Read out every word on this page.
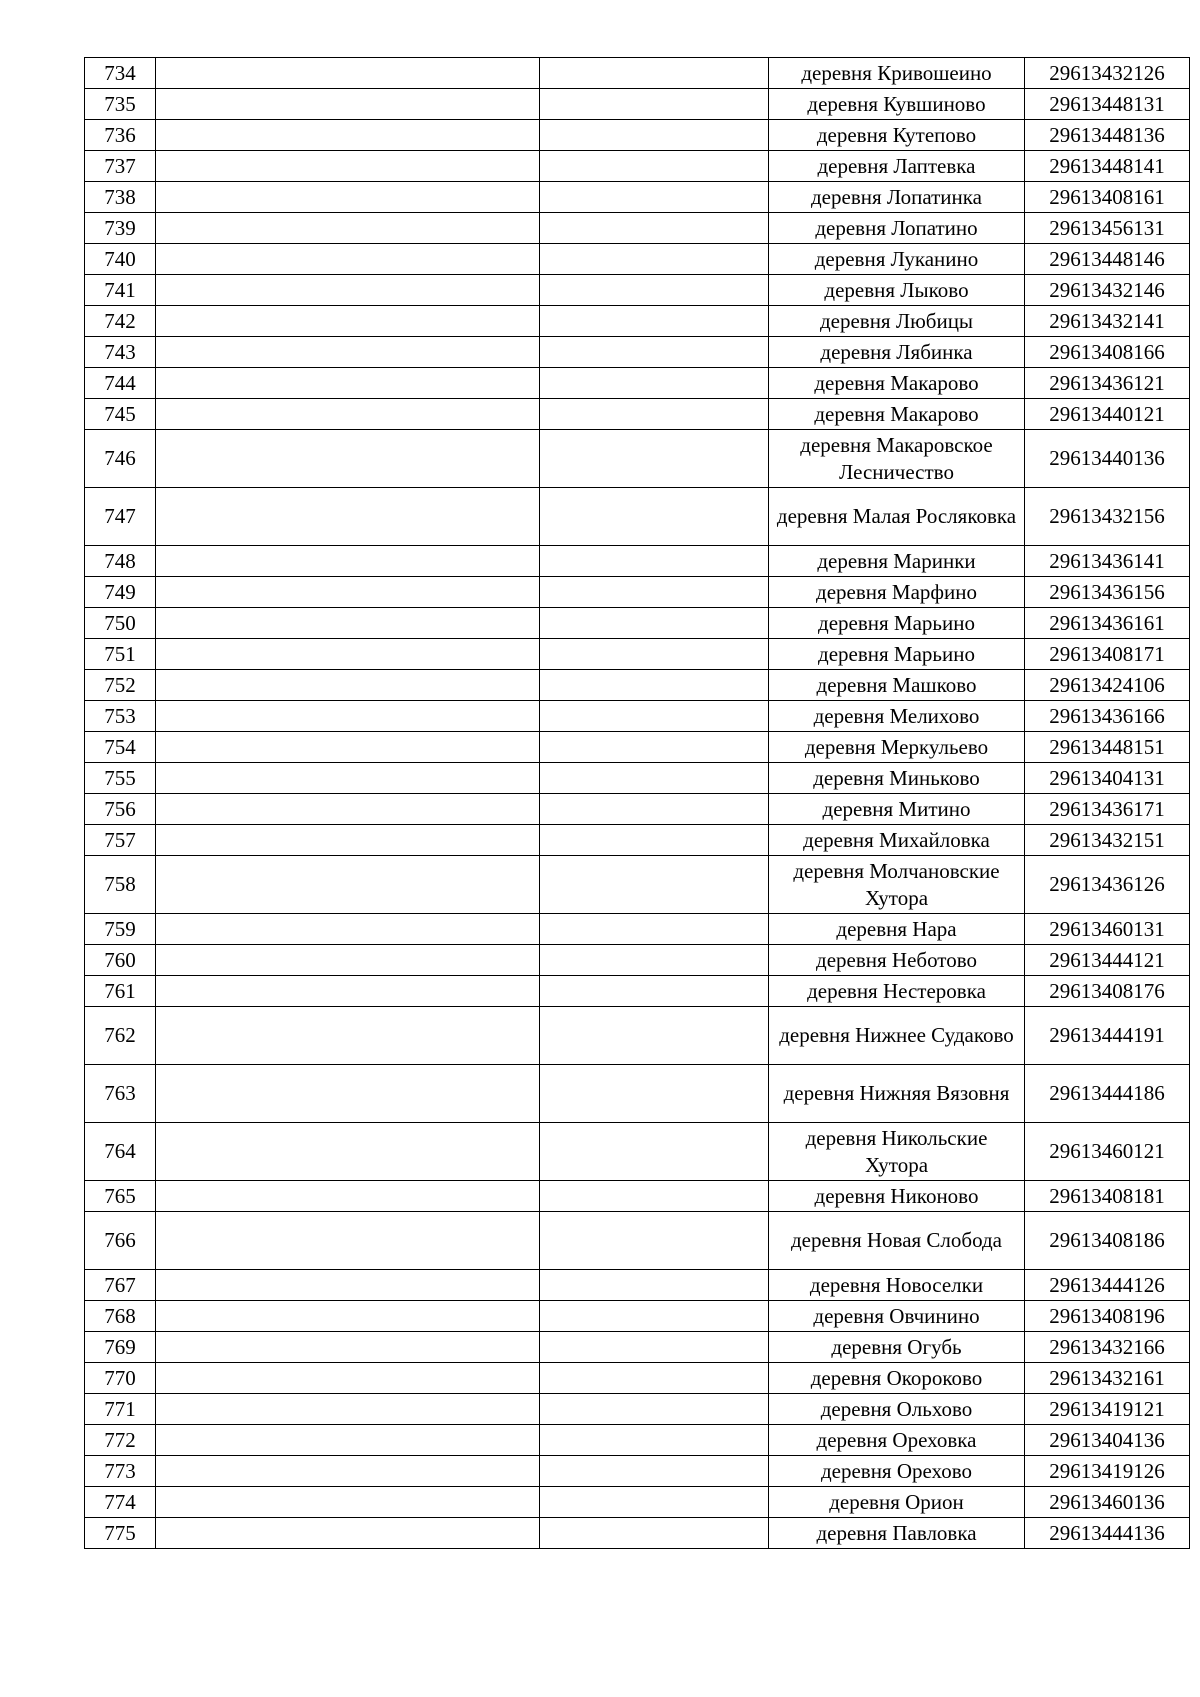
734			деревня Кривошеино	29613432126
735			деревня Кувшиново	29613448131
736			деревня Кутепово	29613448136
737			деревня Лаптевка	29613448141
738			деревня Лопатинка	29613408161
739			деревня Лопатино	29613456131
740			деревня Луканино	29613448146
741			деревня Лыково	29613432146
742			деревня Любицы	29613432141
743			деревня Лябинка	29613408166
744			деревня Макарово	29613436121
745			деревня Макарово	29613440121
746			деревня Макаровское Лесничество	29613440136
747			деревня Малая Росляковка	29613432156
748			деревня Маринки	29613436141
749			деревня Марфино	29613436156
750			деревня Марьино	29613436161
751			деревня Марьино	29613408171
752			деревня Машково	29613424106
753			деревня Мелихово	29613436166
754			деревня Меркульево	29613448151
755			деревня Миньково	29613404131
756			деревня Митино	29613436171
757			деревня Михайловка	29613432151
758			деревня Молчановские Хутора	29613436126
759			деревня Нара	29613460131
760			деревня Неботово	29613444121
761			деревня Нестеровка	29613408176
762			деревня Нижнее Судаково	29613444191
763			деревня Нижняя Вязовня	29613444186
764			деревня Никольские Хутора	29613460121
765			деревня Никоново	29613408181
766			деревня Новая Слобода	29613408186
767			деревня Новоселки	29613444126
768			деревня Овчинино	29613408196
769			деревня Огубь	29613432166
770			деревня Окороково	29613432161
771			деревня Ольхово	29613419121
772			деревня Ореховка	29613404136
773			деревня Орехово	29613419126
774			деревня Орион	29613460136
775			деревня Павловка	29613444136
